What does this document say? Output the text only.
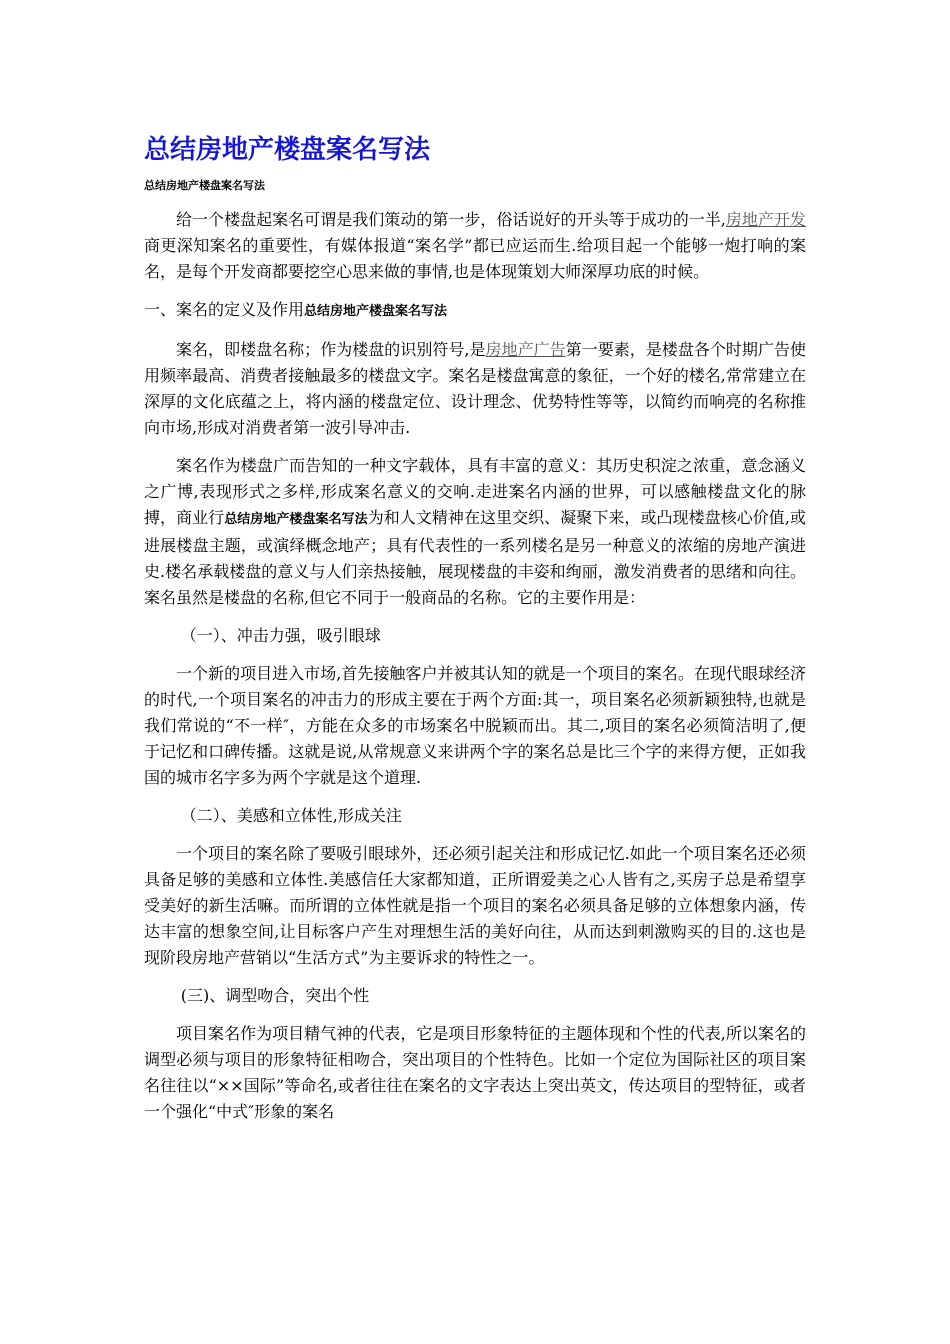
总结房地产楼盘案名写法
总结房地产楼盘案名写法

给一个楼盘起案名可谓是我们策动的第一步，俗话说好的开头等于成功的一半,房地产开发商更深知案名的重要性，有媒体报道“案名学”都已应运而生.给项目起一个能够一炮打响的案名，是每个开发商都要挖空心思来做的事情,也是体现策划大师深厚功底的时候。

一、案名的定义及作用总结房地产楼盘案名写法

案名，即楼盘名称；作为楼盘的识别符号,是房地产广告第一要素，是楼盘各个时期广告使用频率最高、消费者接触最多的楼盘文字。案名是楼盘寓意的象征，一个好的楼名,常常建立在深厚的文化底蕴之上，将内涵的楼盘定位、设计理念、优势特性等等，以简约而响亮的名称推向市场,形成对消费者第一波引导冲击.

案名作为楼盘广而告知的一种文字载体，具有丰富的意义：其历史积淀之浓重，意念涵义之广博,表现形式之多样,形成案名意义的交响.走进案名内涵的世界，可以感触楼盘文化的脉搏，商业行总结房地产楼盘案名写法为和人文精神在这里交织、凝聚下来，或凸现楼盘核心价值,或进展楼盘主题，或演绎概念地产；具有代表性的一系列楼名是另一种意义的浓缩的房地产演进史.楼名承载楼盘的意义与人们亲热接触，展现楼盘的丰姿和绚丽，激发消费者的思绪和向往。案名虽然是楼盘的名称,但它不同于一般商品的名称。它的主要作用是：

（一）、冲击力强，吸引眼球

一个新的项目进入市场,首先接触客户并被其认知的就是一个项目的案名。在现代眼球经济的时代,一个项目案名的冲击力的形成主要在于两个方面:其一，项目案名必须新颖独特,也就是我们常说的“不一样″，方能在众多的市场案名中脱颖而出。其二,项目的案名必须简洁明了,便于记忆和口碑传播。这就是说,从常规意义来讲两个字的案名总是比三个字的来得方便，正如我国的城市名字多为两个字就是这个道理.

（二）、美感和立体性,形成关注

一个项目的案名除了要吸引眼球外，还必须引起关注和形成记忆.如此一个项目案名还必须具备足够的美感和立体性.美感信任大家都知道，正所谓爱美之心人皆有之,买房子总是希望享受美好的新生活嘛。而所谓的立体性就是指一个项目的案名必须具备足够的立体想象内涵，传达丰富的想象空间,让目标客户产生对理想生活的美好向往，从而达到刺激购买的目的.这也是现阶段房地产营销以“生活方式”为主要诉求的特性之一。

(三)、调型吻合，突出个性

项目案名作为项目精气神的代表，它是项目形象特征的主题体现和个性的代表,所以案名的调型必须与项目的形象特征相吻合，突出项目的个性特色。比如一个定位为国际社区的项目案名往往以“××国际”等命名,或者往往在案名的文字表达上突出英文，传达项目的型特征，或者一个强化“中式″形象的案名
